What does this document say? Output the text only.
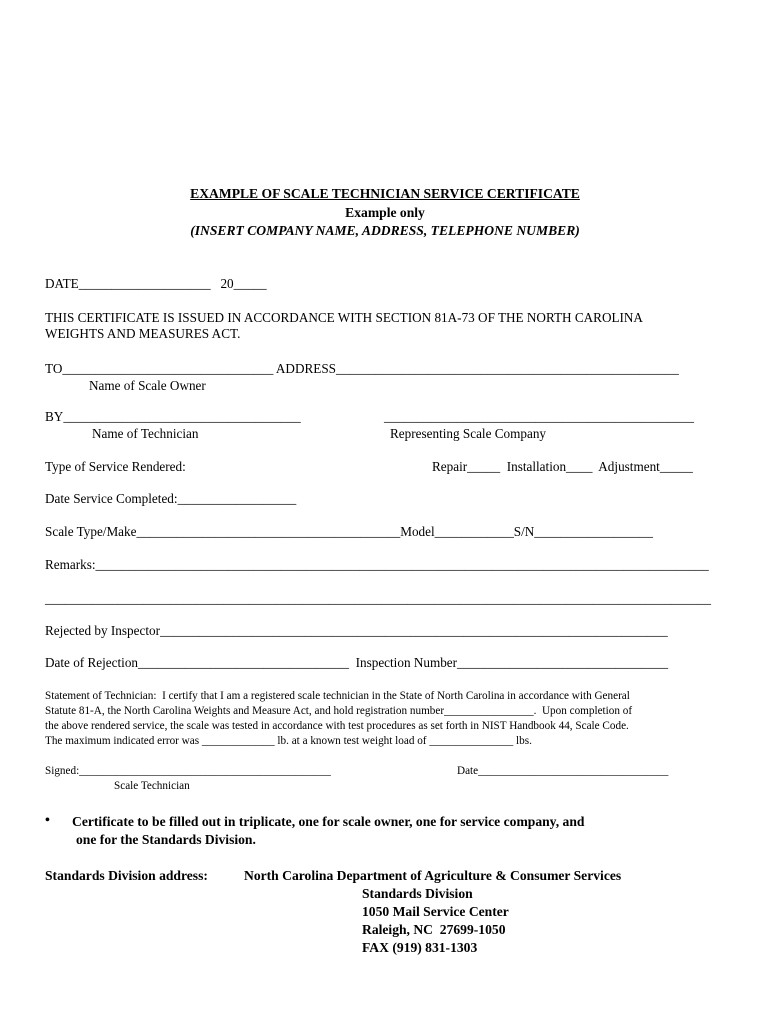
EXAMPLE OF SCALE TECHNICIAN SERVICE CERTIFICATE
Example only
(INSERT COMPANY NAME, ADDRESS, TELEPHONE NUMBER)
DATE____________________   20_____
THIS CERTIFICATE IS ISSUED IN ACCORDANCE WITH SECTION 81A-73 OF THE NORTH CAROLINA
WEIGHTS AND MEASURES ACT.
TO________________________________ ADDRESS____________________________________________________
Name of Scale Owner
BY____________________________________	_______________________________________________
Name of Technician	Representing Scale Company
Type of Service Rendered:	Repair_____  Installation____  Adjustment_____
Date Service Completed:__________________
Scale Type/Make________________________________________Model____________S/N__________________
Remarks:_____________________________________________________________________________________________
_____________________________________________________________________________________________________
Rejected by Inspector_____________________________________________________________________________
Date of Rejection________________________________  Inspection Number________________________________
Statement of Technician:  I certify that I am a registered scale technician in the State of North Carolina in accordance with General
Statute 81-A, the North Carolina Weights and Measure Act, and hold registration number________________.  Upon completion of
the above rendered service, the scale was tested in accordance with test procedures as set forth in NIST Handbook 44, Scale Code.
The maximum indicated error was _____________ lb. at a known test weight load of _______________ lbs.
Signed:_____________________________________________	Date__________________________________
Scale Technician
• Certificate to be filled out in triplicate, one for scale owner, one for service company, and
one for the Standards Division.
Standards Division address:	North Carolina Department of Agriculture & Consumer Services
Standards Division
1050 Mail Service Center
Raleigh, NC  27699-1050
FAX (919) 831-1303
